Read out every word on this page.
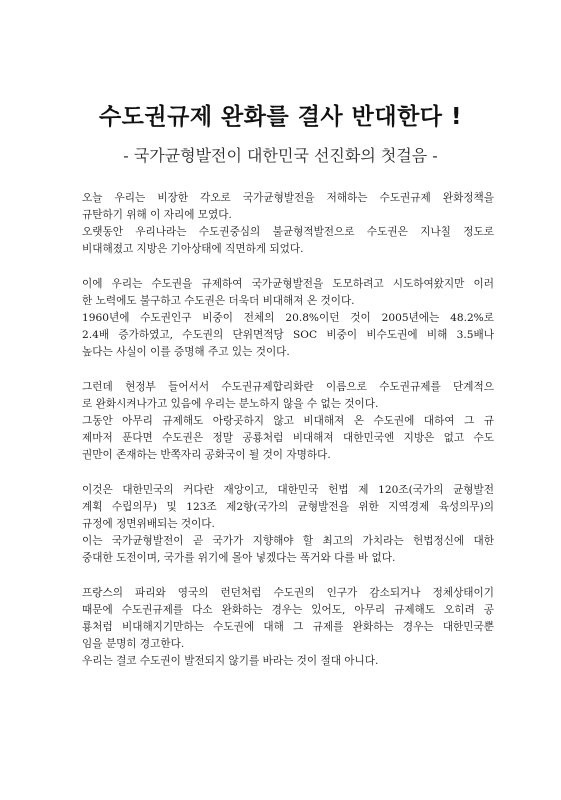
수도권규제 완화를 결사 반대한다 !
- 국가균형발전이 대한민국 선진화의 첫걸음 -
오늘 우리는 비장한 각오로 국가균형발전을 저해하는 수도권규제 완화정책을
규탄하기 위해 이 자리에 모였다.
오랫동안 우리나라는 수도권중심의 불균형적발전으로 수도권은 지나칠 정도로
비대해졌고 지방은 기아상태에 직면하게 되었다.
이에 우리는 수도권을 규제하여 국가균형발전을 도모하려고 시도하여왔지만 이러
한 노력에도 불구하고 수도권은 더욱더 비대해져 온 것이다.
1960년에 수도권인구 비중이 전체의 20.8%이던 것이 2005년에는 48.2%로
2.4배 증가하였고, 수도권의 단위면적당 SOC 비중이 비수도권에 비해 3.5배나
높다는 사실이 이를 증명해 주고 있는 것이다.
그런데 현정부 들어서서 수도권규제합리화란 이름으로 수도권규제를 단계적으
로 완화시켜나가고 있음에 우리는 분노하지 않을 수 없는 것이다.
그동안 아무리 규제해도 아랑곳하지 않고 비대해져 온 수도권에 대하여 그 규
제마저 푼다면 수도권은 정말 공룡처럼 비대해져 대한민국엔 지방은 없고 수도
권만이 존재하는 반쪽자리 공화국이 될 것이 자명하다.
이것은 대한민국의 커다란 재앙이고, 대한민국 헌법 제 120조(국가의 균형발전
계획 수립의무) 및 123조 제2항(국가의 균형발전을 위한 지역경제 육성의무)의
규정에 정면위배되는 것이다.
이는 국가균형발전이 곧 국가가 지향해야 할 최고의 가치라는 헌법정신에 대한
중대한 도전이며, 국가를 위기에 몰아 넣겠다는 폭거와 다를 바 없다.
프랑스의 파리와 영국의 런던처럼 수도권의 인구가 감소되거나 정체상태이기
때문에 수도권규제를 다소 완화하는 경우는 있어도, 아무리 규제해도 오히려 공
룡처럼 비대해지기만하는 수도권에 대해 그 규제를 완화하는 경우는 대한민국뿐
임을 분명히 경고한다.
우리는 결코 수도권이 발전되지 않기를 바라는 것이 절대 아니다.
